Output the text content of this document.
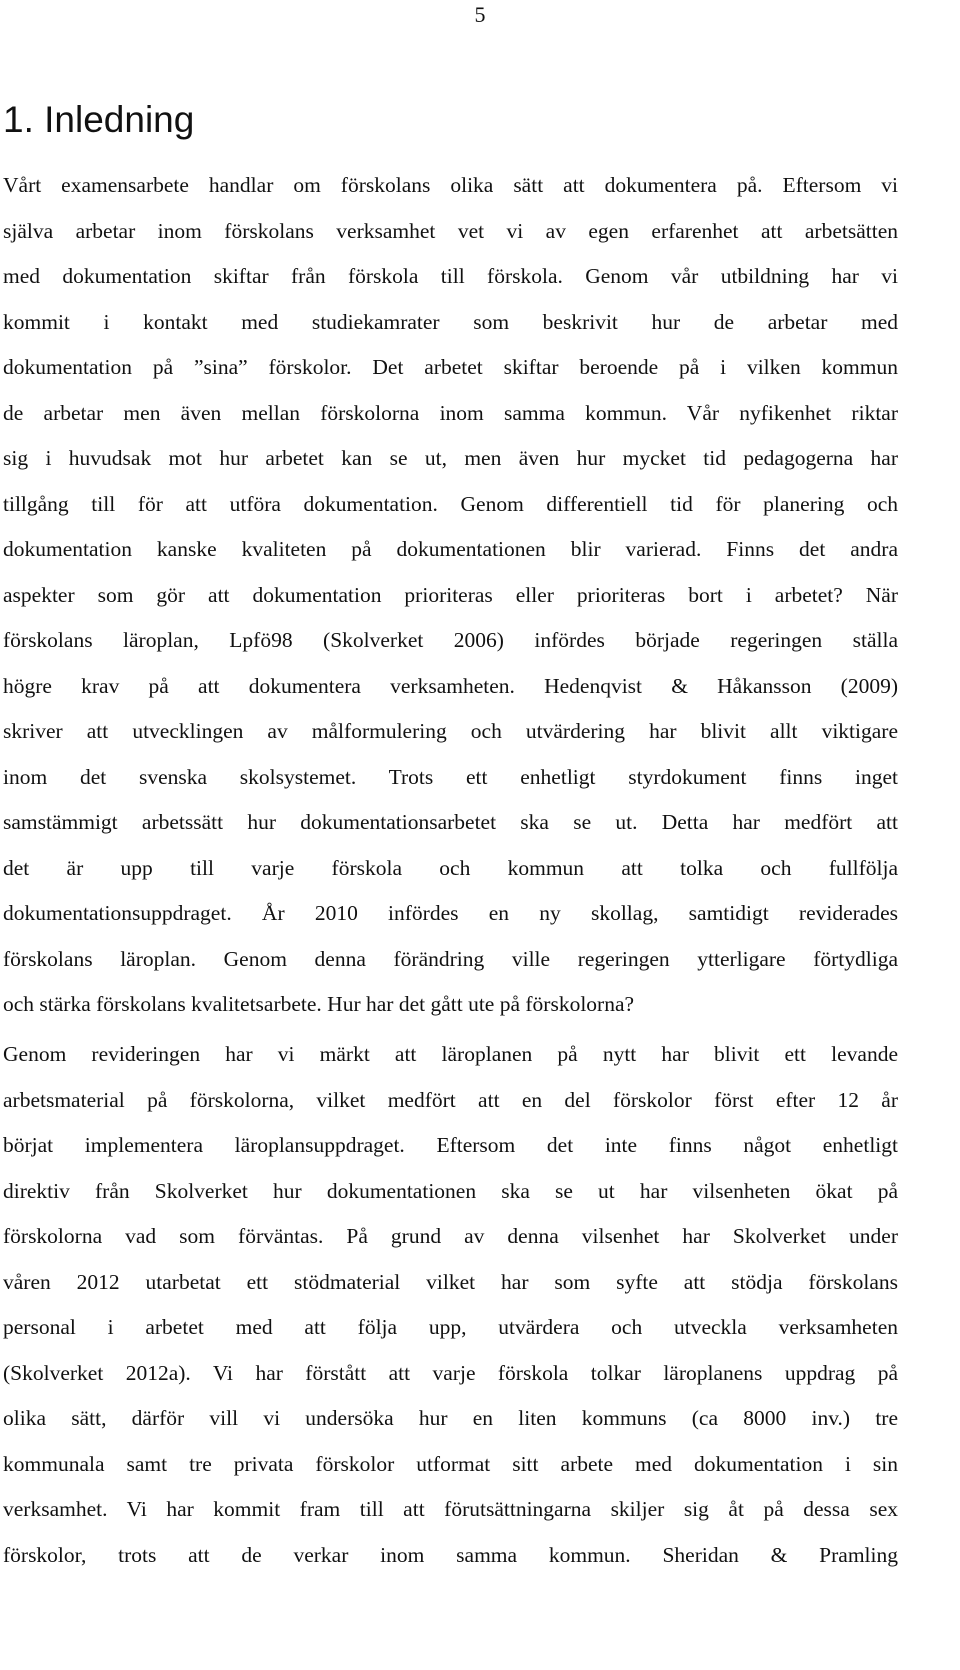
5
1. Inledning
Vårt examensarbete handlar om förskolans olika sätt att dokumentera på. Eftersom vi
själva arbetar inom förskolans verksamhet vet vi av egen erfarenhet att arbetsätten
med dokumentation skiftar från förskola till förskola. Genom vår utbildning har vi
kommit i kontakt med studiekamrater som beskrivit hur de arbetar med
dokumentation på ”sina” förskolor. Det arbetet skiftar beroende på i vilken kommun
de arbetar men även mellan förskolorna inom samma kommun. Vår nyfikenhet riktar
sig i huvudsak mot hur arbetet kan se ut, men även hur mycket tid pedagogerna har
tillgång till för att utföra dokumentation. Genom differentiell tid för planering och
dokumentation kanske kvaliteten på dokumentationen blir varierad. Finns det andra
aspekter som gör att dokumentation prioriteras eller prioriteras bort i arbetet? När
förskolans läroplan, Lpfö98 (Skolverket 2006) infördes började regeringen ställa
högre krav på att dokumentera verksamheten. Hedenqvist & Håkansson (2009)
skriver att utvecklingen av målformulering och utvärdering har blivit allt viktigare
inom det svenska skolsystemet. Trots ett enhetligt styrdokument finns inget
samstämmigt arbetssätt hur dokumentationsarbetet ska se ut. Detta har medfört att
det är upp till varje förskola och kommun att tolka och fullfölja
dokumentationsuppdraget. År 2010 infördes en ny skollag, samtidigt reviderades
förskolans läroplan. Genom denna förändring ville regeringen ytterligare förtydliga
och stärka förskolans kvalitetsarbete. Hur har det gått ute på förskolorna?
Genom revideringen har vi märkt att läroplanen på nytt har blivit ett levande
arbetsmaterial på förskolorna, vilket medfört att en del förskolor först efter 12 år
börjat implementera läroplansuppdraget. Eftersom det inte finns något enhetligt
direktiv från Skolverket hur dokumentationen ska se ut har vilsenheten ökat på
förskolorna vad som förväntas. På grund av denna vilsenhet har Skolverket under
våren 2012 utarbetat ett stödmaterial vilket har som syfte att stödja förskolans
personal i arbetet med att följa upp, utvärdera och utveckla verksamheten
(Skolverket 2012a). Vi har förstått att varje förskola tolkar läroplanens uppdrag på
olika sätt, därför vill vi undersöka hur en liten kommuns (ca 8000 inv.) tre
kommunala samt tre privata förskolor utformat sitt arbete med dokumentation i sin
verksamhet. Vi har kommit fram till att förutsättningarna skiljer sig åt på dessa sex
förskolor, trots att de verkar inom samma kommun. Sheridan & Pramling
